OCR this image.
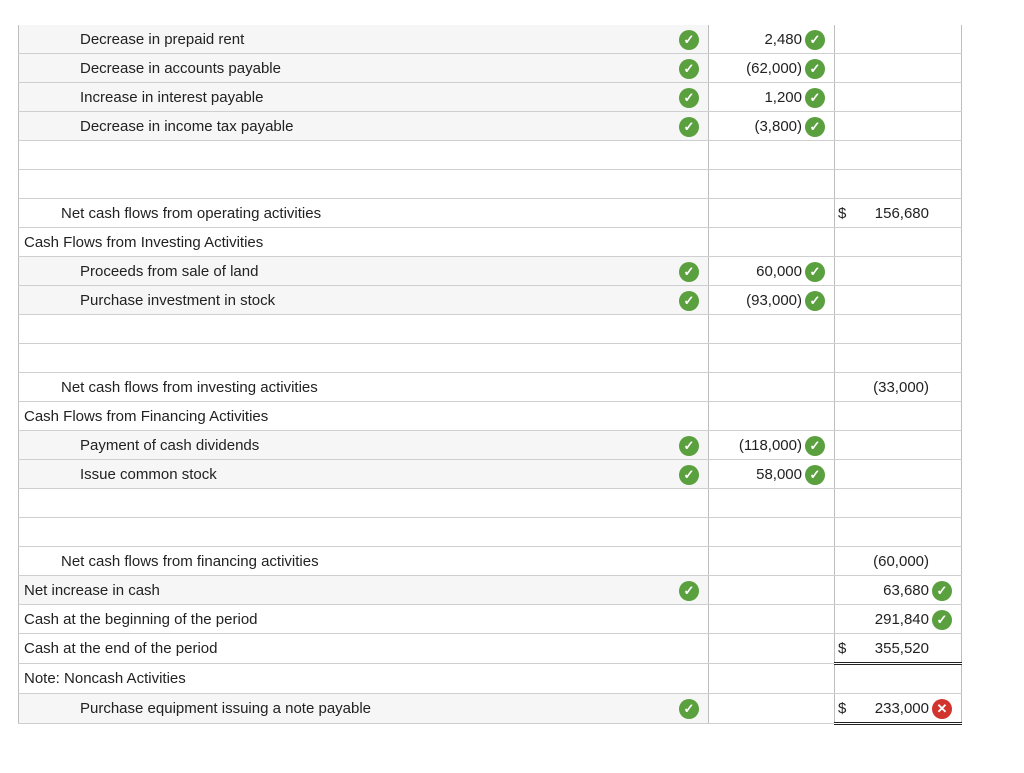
Decrease in prepaid rent ✓	2,480 ✓	

Decrease in accounts payable ✓	(62,000) ✓	

Increase in interest payable ✓	1,200 ✓	

Decrease in income tax payable ✓	(3,800) ✓	

Net cash flows from operating activities		$ 156,680
Cash Flows from Investing Activities		
Proceeds from sale of land ✓	60,000 ✓	

Purchase investment in stock ✓	(93,000) ✓	

Net cash flows from investing activities		(33,000)
Cash Flows from Financing Activities		
Payment of cash dividends ✓	(118,000) ✓	

Issue common stock ✓	58,000 ✓	

Net cash flows from financing activities		(60,000)
Net increase in cash ✓		63,680 ✓

Cash at the beginning of the period		291,840 ✓

Cash at the end of the period		$ 355,520
Note: Noncash Activities		
Purchase equipment issuing a note payable ✓		$ 233,000 ✕
